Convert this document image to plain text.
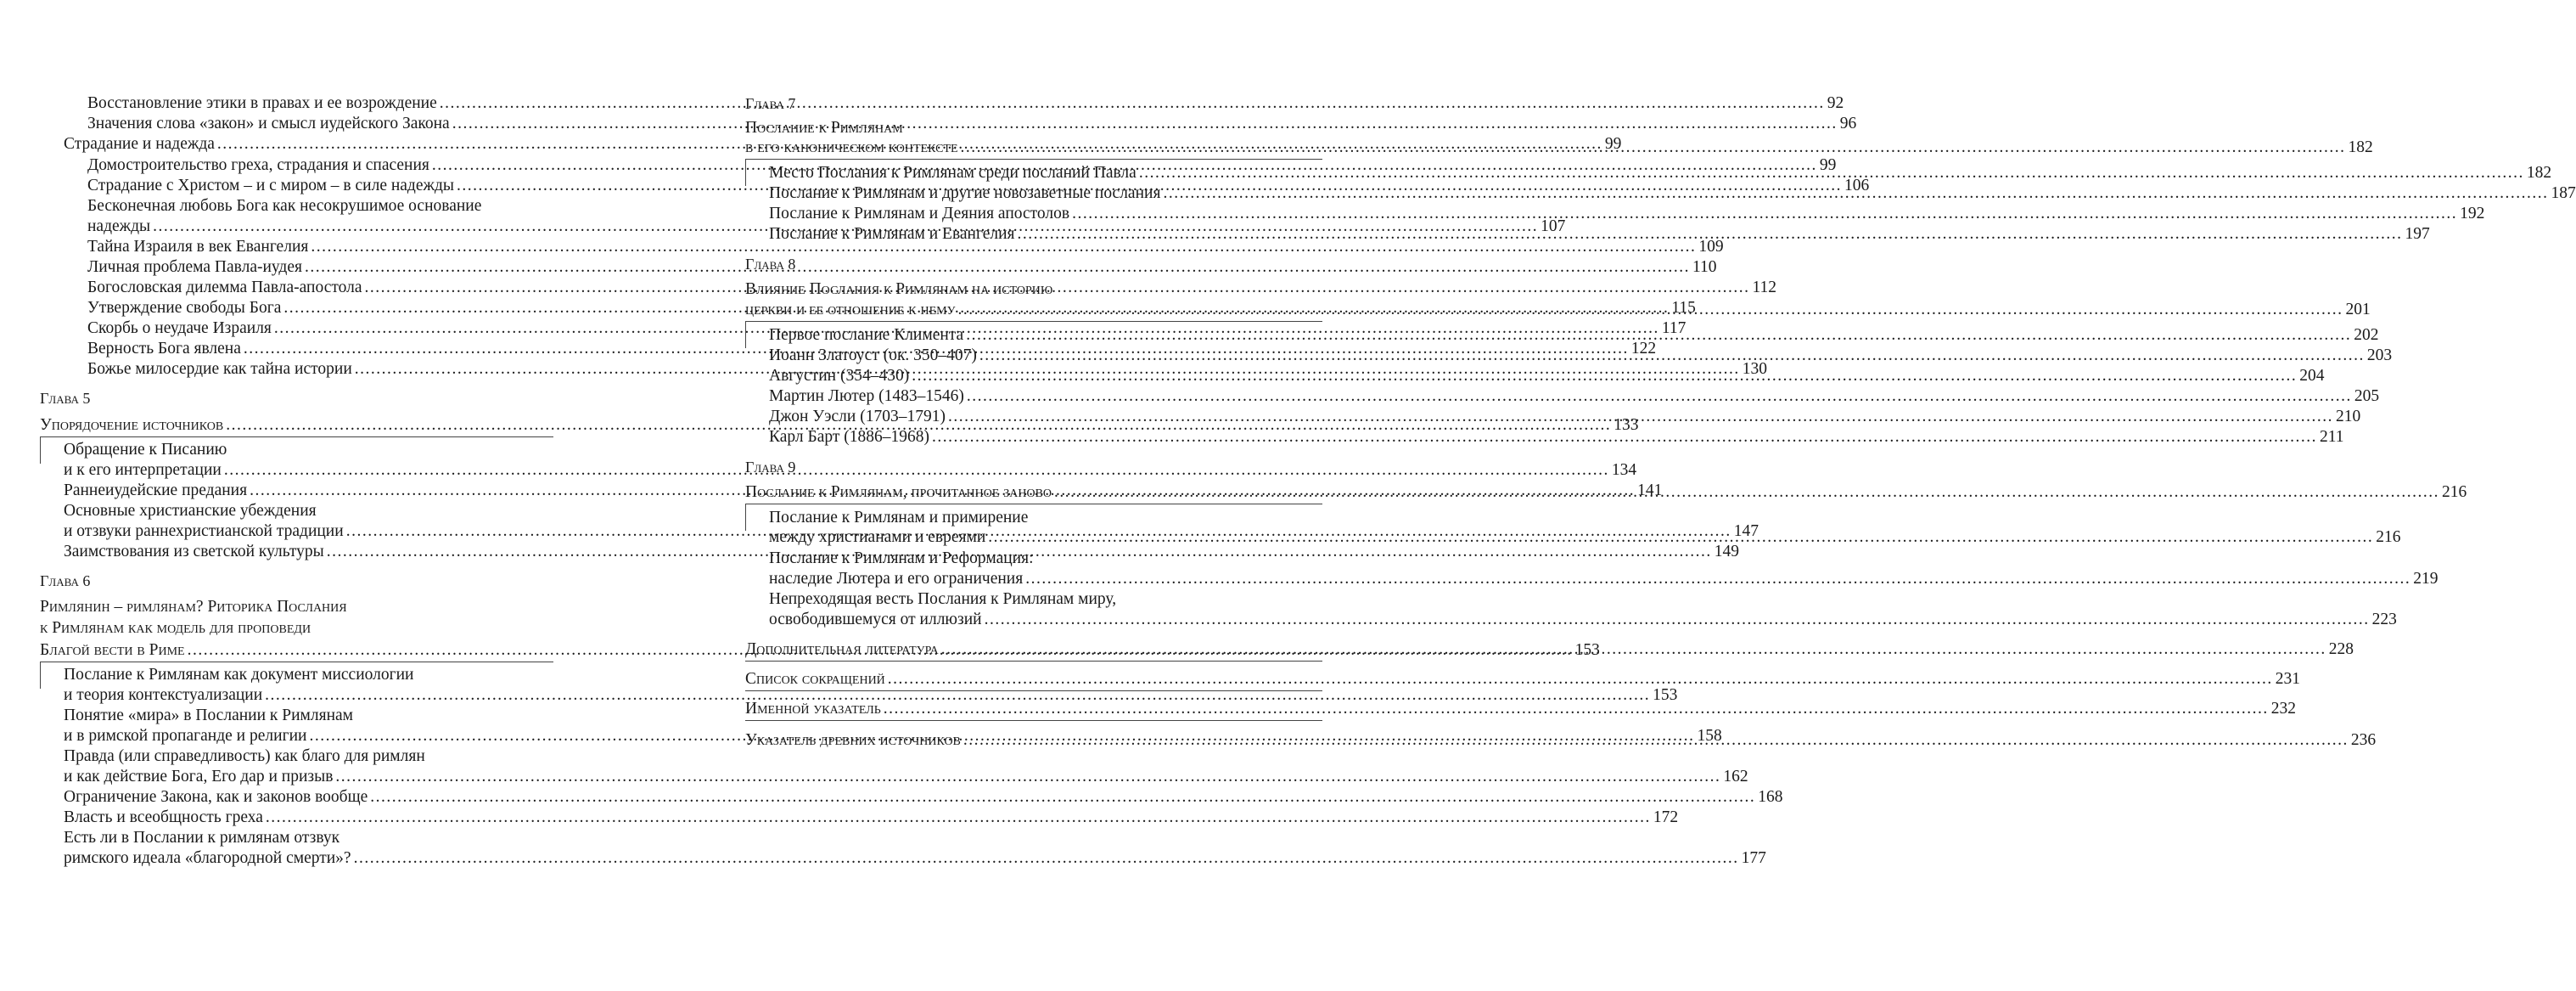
Восстановление этики в правах и ее возрождение .....	92
Значения слова «закон» и смысл иудейского Закона .....	96
Страдание и надежда .....	99
Домостроительство греха, страдания и спасения .....	99
Страдание с Христом – и с миром – в силе надежды .....	106
Бесконечная любовь Бога как несокрушимое основание
надежды .....	107
Тайна Израиля в век Евангелия .....	109
Личная проблема Павла-иудея .....	110
Богословская дилемма Павла-апостола .....	112
Утверждение свободы Бога .....	115
Скорбь о неудаче Израиля .....	117
Верность Бога явлена .....	122
Божье милосердие как тайна истории .....	130
Глава 5
Упорядочение источников .....	133
Обращение к Писанию
и к его интерпретации .....	134
Раннеиудейские предания .....	141
Основные христианские убеждения
и отзвуки раннехристианской традиции .....	147
Заимствования из светской культуры .....	149
Глава 6
Римлянин – римлянам? Риторика Послания
к Римлянам как модель для проповеди
Благой вести в Риме .....	153
Послание к Римлянам как документ миссиологии
и теория контекстуализации .....	153
Понятие «мира» в Послании к Римлянам
и в римской пропаганде и религии .....	158
Правда (или справедливость) как благо для римлян
и как действие Бога, Его дар и призыв .....	162
Ограничение Закона, как и законов вообще .....	168
Власть и всеобщность греха .....	172
Есть ли в Послании к римлянам отзвук
римского идеала «благородной смерти»? .....	177
Глава 7
Послание к Римлянам
в его каноническом контексте .....	182
Место Послания к Римлянам среди посланий Павла .....	182
Послание к Римлянам и другие новозаветные послания .....	187
Послание к Римлянам и Деяния апостолов .....	192
Послание к Римлянам и Евангелия .....	197
Глава 8
Влияние Послания к Римлянам на историю
церкви и ее отношение к нему .....	201
Первое послание Климента .....	202
Иоанн Златоуст (ок. 350–407) .....	203
Августин (354–430) .....	204
Мартин Лютер (1483–1546) .....	205
Джон Уэсли (1703–1791) .....	210
Карл Барт (1886–1968) .....	211
Глава 9
Послание к Римлянам, прочитанное заново .....	216
Послание к Римлянам и примирение
между христианами и евреями .....	216
Послание к Римлянам и Реформация:
наследие Лютера и его ограничения .....	219
Непреходящая весть Послания к Римлянам миру,
освободившемуся от иллюзий .....	223
Дополнительная литература .....	228
Список сокращений .....	231
Именной указатель .....	232
Указатель древних источников .....	236
